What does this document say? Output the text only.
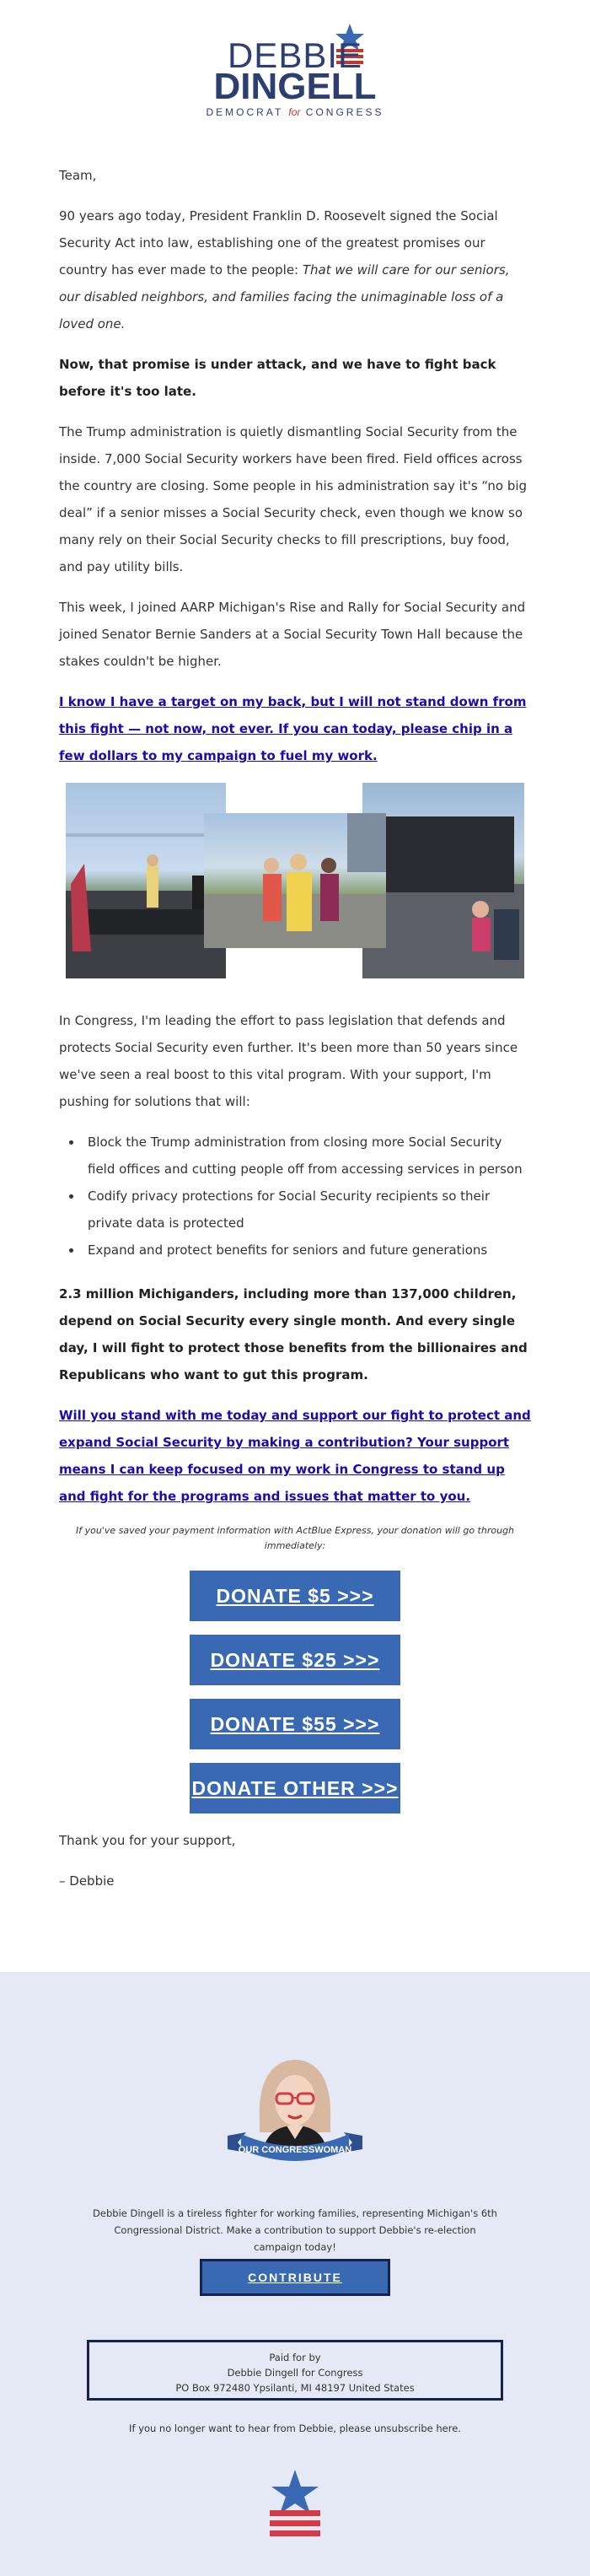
DEBBIE
DINGELL
DEMOCRAT for CONGRESS

Team,

90 years ago today, President Franklin D. Roosevelt signed the Social Security Act into law, establishing one of the greatest promises our country has ever made to the people: That we will care for our seniors, our disabled neighbors, and families facing the unimaginable loss of a loved one.

Now, that promise is under attack, and we have to fight back before it's too late.

The Trump administration is quietly dismantling Social Security from the inside. 7,000 Social Security workers have been fired. Field offices across the country are closing. Some people in his administration say it's “no big deal” if a senior misses a Social Security check, even though we know so many rely on their Social Security checks to fill prescriptions, buy food, and pay utility bills.

This week, I joined AARP Michigan's Rise and Rally for Social Security and joined Senator Bernie Sanders at a Social Security Town Hall because the stakes couldn't be higher.

I know I have a target on my back, but I will not stand down from this fight — not now, not ever. If you can today, please chip in a few dollars to my campaign to fuel my work.

In Congress, I'm leading the effort to pass legislation that defends and protects Social Security even further. It's been more than 50 years since we've seen a real boost to this vital program. With your support, I'm pushing for solutions that will:

• Block the Trump administration from closing more Social Security field offices and cutting people off from accessing services in person
• Codify privacy protections for Social Security recipients so their private data is protected
• Expand and protect benefits for seniors and future generations

2.3 million Michiganders, including more than 137,000 children, depend on Social Security every single month. And every single day, I will fight to protect those benefits from the billionaires and Republicans who want to gut this program.

Will you stand with me today and support our fight to protect and expand Social Security by making a contribution? Your support means I can keep focused on my work in Congress to stand up and fight for the programs and issues that matter to you.

If you've saved your payment information with ActBlue Express, your donation will go through immediately:
DONATE $5 >>>
DONATE $25 >>>
DONATE $55 >>>
DONATE OTHER >>>

Thank you for your support,

– Debbie

OUR CONGRESSWOMAN
Debbie Dingell is a tireless fighter for working families, representing Michigan's 6th Congressional District. Make a contribution to support Debbie's re-election campaign today!
CONTRIBUTE
Paid for by
Debbie Dingell for Congress
PO Box 972480 Ypsilanti, MI 48197 United States
If you no longer want to hear from Debbie, please unsubscribe here.
